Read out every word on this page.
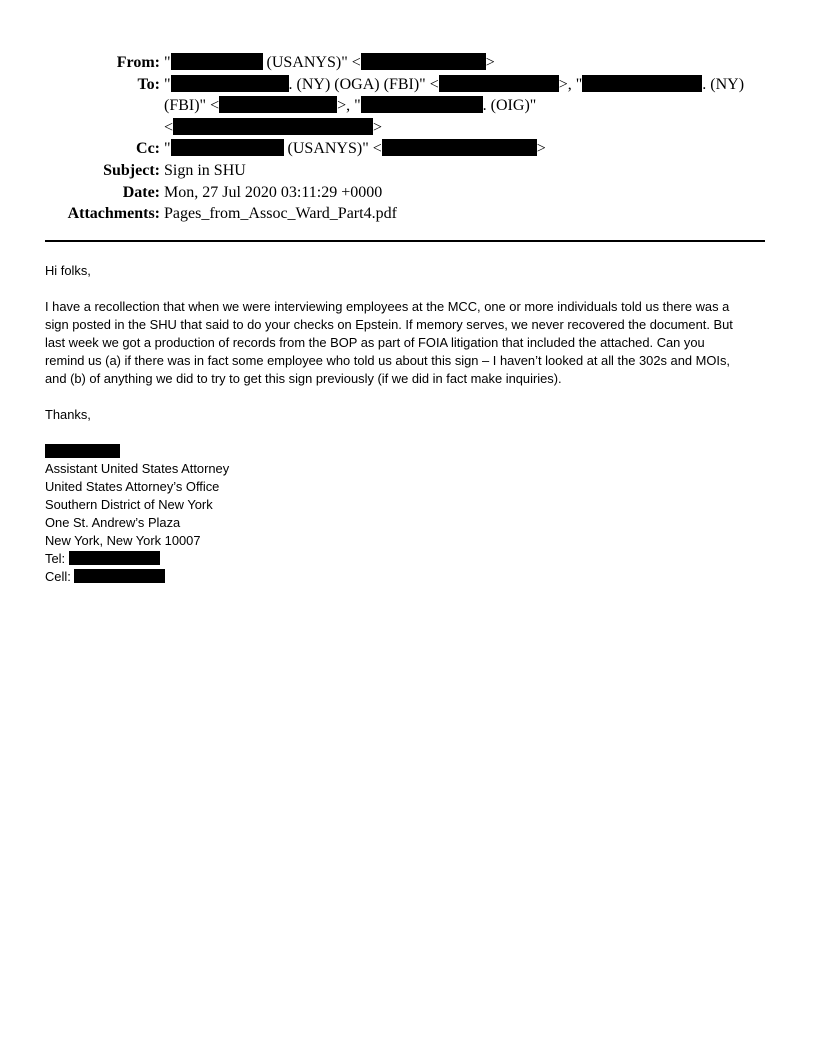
From: "	(USANYS)" <	>
To: "	. (NY) (OGA) (FBI)" <	>, "	. (NY)
(FBI)" <	>, "	. (OIG)"
<	>
Cc: "	(USANYS)" <	>
Subject: Sign in SHU
Date: Mon, 27 Jul 2020 03:11:29 +0000
Attachments: Pages_from_Assoc_Ward_Part4.pdf

Hi folks,

I have a recollection that when we were interviewing employees at the MCC, one or more individuals told us there was a

sign posted in the SHU that said to do your checks on Epstein. If memory serves, we never recovered the document. But

last week we got a production of records from the BOP as part of FOIA litigation that included the attached. Can you

remind us (a) if there was in fact some employee who told us about this sign – I haven’t looked at all the 302s and MOIs,

and (b) of anything we did to try to get this sign previously (if we did in fact make inquiries).

Thanks,

Assistant United States Attorney

United States Attorney’s Office

Southern District of New York

One St. Andrew’s Plaza

New York, New York 10007

Tel:

Cell:
